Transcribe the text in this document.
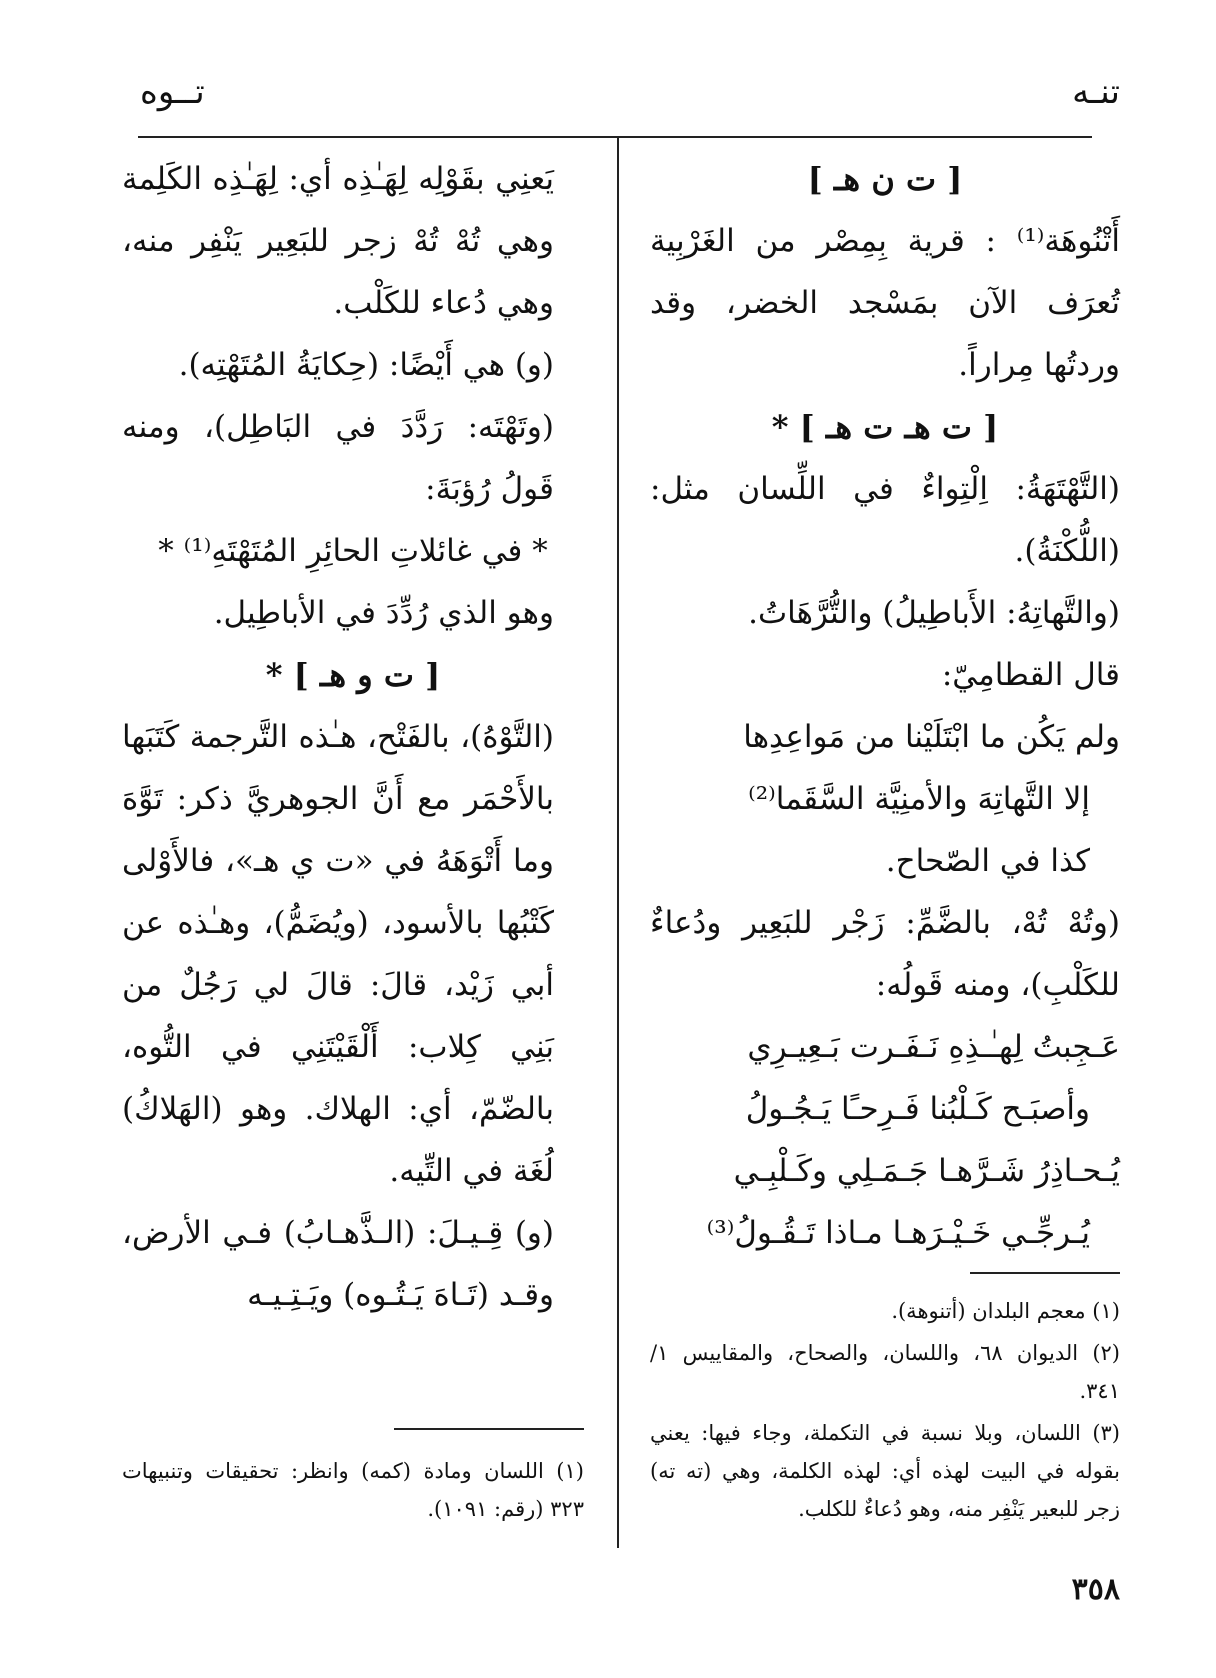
تنـه
تــوه

[ ت ن هـ ]

أَتْنُوهَة⁽¹⁾ : قرية بِمِصْر من الغَرْبِية تُعرَف الآن بمَسْجد الخضر، وقد وردتُها مِراراً.

[ ت هـ ت هـ ] *

(التَّهْتَهَةُ: اِلْتِواءٌ في اللِّسان مثل: (اللُّكْنَةُ).

(والتَّهاتِهُ: الأَباطِيلُ) والتُّرَّهَاتُ.

قال القطامِيّ:

ولم يَكُن ما ابْتَلَيْنا من مَواعِدِها

إلا التَّهاتِهَ والأمنِيَّة السَّقَما⁽²⁾

كذا في الصّحاح.

(وتُهْ تُهْ، بالضَّمِّ: زَجْر للبَعِير ودُعاءٌ للكَلْبِ)، ومنه قَولُه:

عَـجِبتُ لِهـٰـذِهِ نَـفَـرت بَـعِيـرِي

وأصبَـح كَـلْبُنا فَـرِحـًا يَـجُـولُ

يُـحـاذِرُ شَـرَّهـا جَـمَـلِي وكَـلْبِـي

يُـرجِّـي خَـيْـرَهـا مـاذا تَـقُـولُ⁽³⁾

يَعنِي بقَوْلِه لِهَـٰذِه أي: لِهَـٰذِه الكَلِمة وهي تُهْ تُهْ زجر للبَعِير يَنْفِر منه، وهي دُعاء للكَلْب.

(و) هي أَيْضًا: (حِكايَةُ المُتَهْتِه).

(وتَهْتَه: رَدَّدَ في البَاطِل)، ومنه قَولُ رُؤبَةَ:

* في غائلاتِ الحائِرِ المُتَهْتَهِ⁽¹⁾ *

وهو الذي رُدِّدَ في الأباطِيل.

[ ت و هـ ] *

(التَّوْهُ)، بالفَتْح، هـٰذه التَّرجمة كَتَبَها بالأَحْمَر مع أَنَّ الجوهريَّ ذكر: تَوَّهَ وما أَتْوَهَهُ في «ت ي هـ»، فالأَوْلى كَتْبُها بالأسود، (ويُضَمُّ)، وهـٰذه عن أبي زَيْد، قالَ: قالَ لي رَجُلٌ من بَنِي كِلاب: أَلْقَيْتَنِي في التُّوه، بالضّمّ، أي: الهلاك. وهو (الهَلاكُ) لُغَة في التِّيه.

(و) قِـيـلَ: (الـذَّهـابُ) فـي الأرض، وقـد (تَـاهَ يَـتُـوه) ويَـتِـيـه	(١) معجم البلدان (أتنوهة).

(٢) الديوان ٦٨، واللسان، والصحاح، والمقاييس ١/ ٣٤١.

(٣) اللسان، وبلا نسبة في التكملة، وجاء فيها: يعني بقوله في البيت لهذه أي: لهذه الكلمة، وهي (ته ته) زجر للبعير يَنْفِر منه، وهو دُعاءٌ للكلب.

(١) اللسان ومادة (كمه) وانظر: تحقيقات وتنبيهات ٣٢٣ (رقم: ١٠٩١).

٣٥٨
